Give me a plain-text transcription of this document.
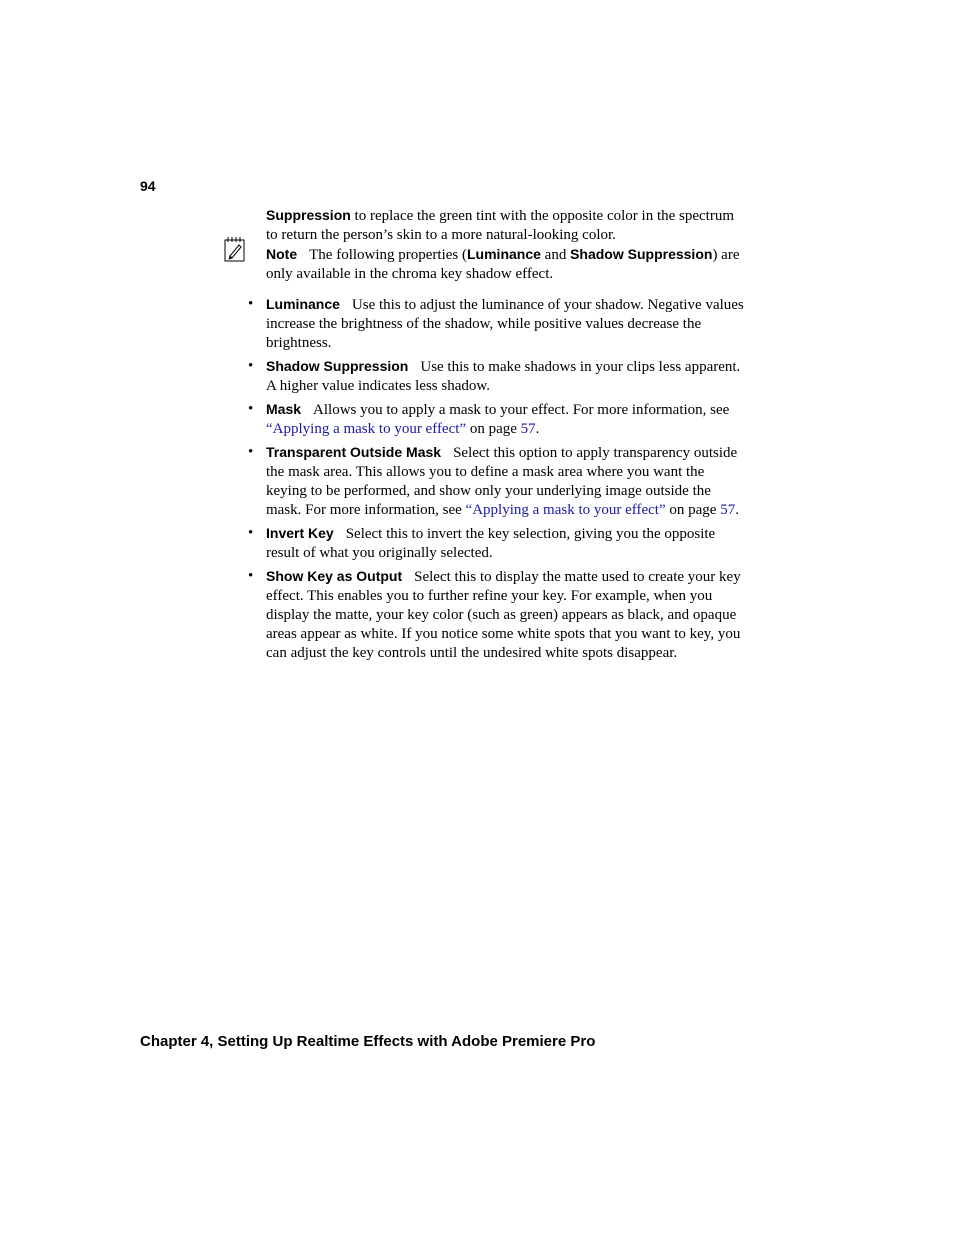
94

Suppression to replace the green tint with the opposite color in the spectrum to return the person’s skin to a more natural-looking color.

Note The following properties (Luminance and Shadow Suppression) are only available in the chroma key shadow effect.

• Luminance Use this to adjust the luminance of your shadow. Negative values increase the brightness of the shadow, while positive values decrease the brightness.
• Shadow Suppression Use this to make shadows in your clips less apparent. A higher value indicates less shadow.
• Mask Allows you to apply a mask to your effect. For more information, see “Applying a mask to your effect” on page 57.
• Transparent Outside Mask Select this option to apply transparency outside the mask area. This allows you to define a mask area where you want the keying to be performed, and show only your underlying image outside the mask. For more information, see “Applying a mask to your effect” on page 57.
• Invert Key Select this to invert the key selection, giving you the opposite result of what you originally selected.
• Show Key as Output Select this to display the matte used to create your key effect. This enables you to further refine your key. For example, when you display the matte, your key color (such as green) appears as black, and opaque areas appear as white. If you notice some white spots that you want to key, you can adjust the key controls until the undesired white spots disappear.
Chapter 4, Setting Up Realtime Effects with Adobe Premiere Pro
